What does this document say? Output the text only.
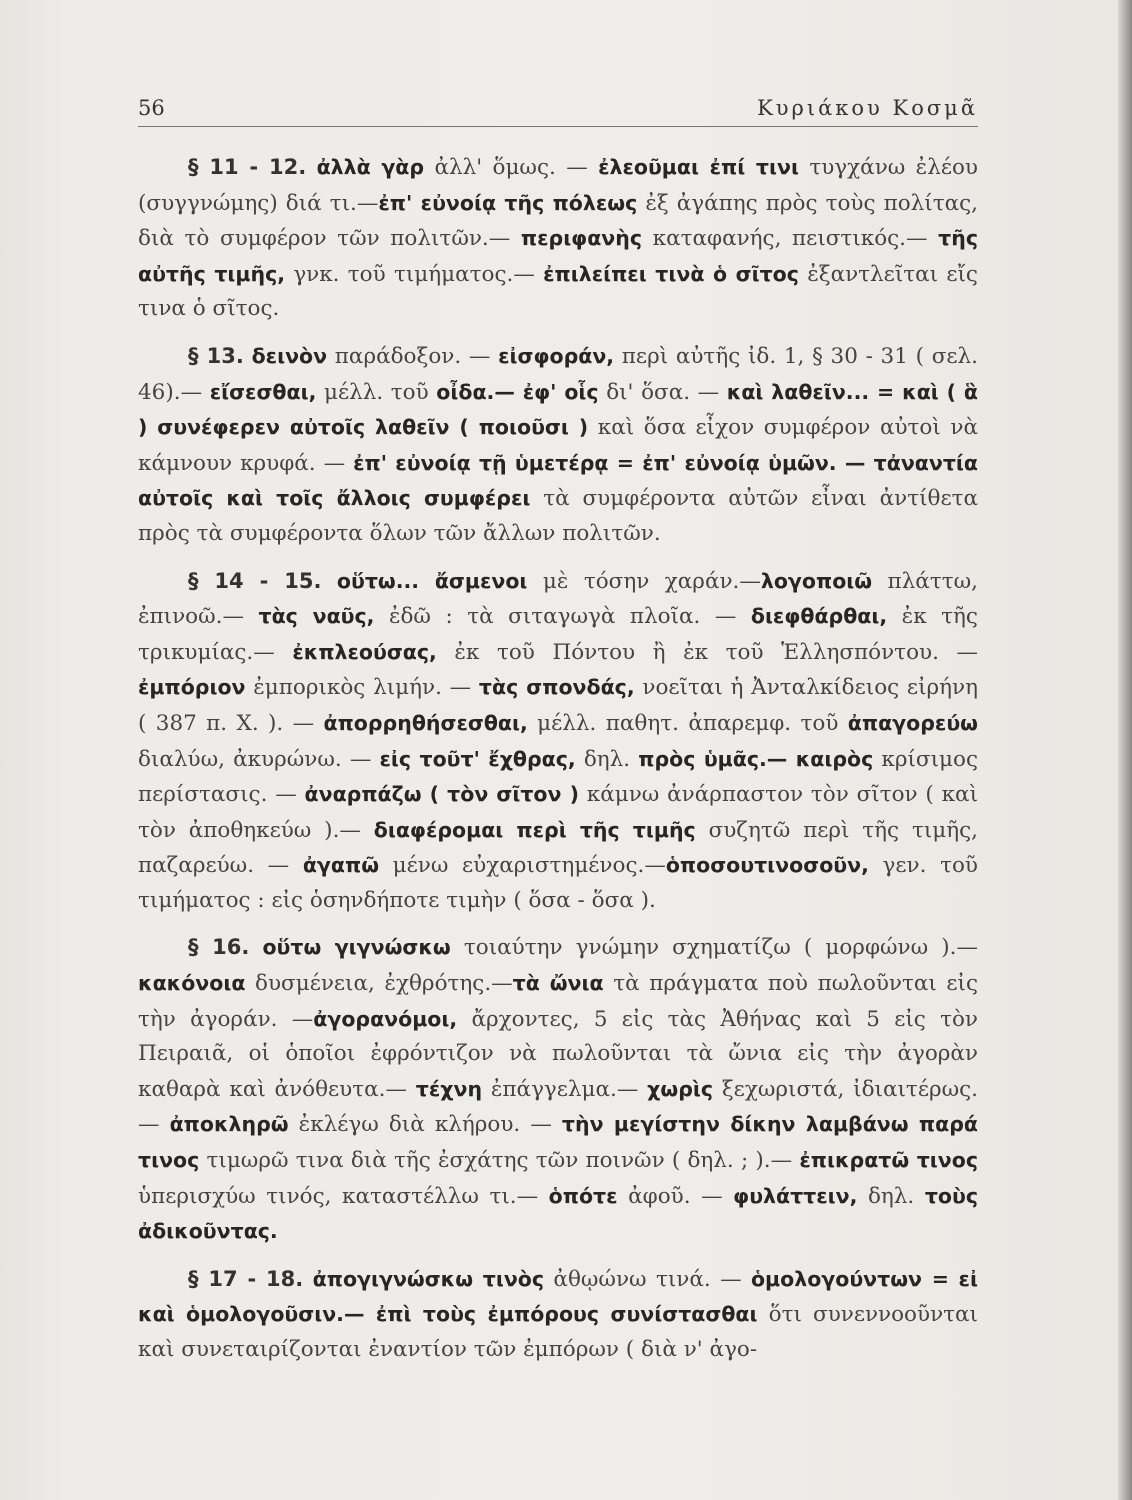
56	Κυριάκου Κοσμᾶ

§ 11 - 12. ἀλλὰ γὰρ ἀλλ' ὅμως. — ἐλεοῦμαι ἐπί τινι τυγχάνω ἐλέου (συγγνώμης) διά τι.—ἐπ' εὐνοίᾳ τῆς πόλεως ἐξ ἀγάπης πρὸς τοὺς πολίτας, διὰ τὸ συμφέρον τῶν πολιτῶν.— περιφανὴς καταφανής, πειστικός.— τῆς αὐτῆς τιμῆς, γνκ. τοῦ τιμήματος.— ἐπιλείπει τινὰ ὁ σῖτος ἐξαντλεῖται εἴς τινα ὁ σῖτος.

§ 13. δεινὸν παράδοξον. — εἰσφοράν, περὶ αὐτῆς ἰδ. 1, § 30 - 31 ( σελ. 46).— εἴσεσθαι, μέλλ. τοῦ οἶδα.— ἐφ' οἷς δι' ὅσα. — καὶ λαθεῖν... = καὶ ( ἃ ) συνέφερεν αὐτοῖς λαθεῖν ( ποιοῦσι ) καὶ ὅσα εἶχον συμφέρον αὐτοὶ νὰ κάμνουν κρυφά. — ἐπ' εὐνοίᾳ τῇ ὑμετέρᾳ = ἐπ' εὐνοίᾳ ὑμῶν. — τἀναντία αὐτοῖς καὶ τοῖς ἄλλοις συμφέρει τὰ συμφέροντα αὐτῶν εἶναι ἀντίθετα πρὸς τὰ συμφέροντα ὅλων τῶν ἄλλων πολιτῶν.

§ 14 - 15. οὕτω... ἄσμενοι μὲ τόσην χαράν.—λογοποιῶ πλάττω, ἐπινοῶ.— τὰς ναῦς, ἐδῶ : τὰ σιταγωγὰ πλοῖα. — διεφθάρθαι, ἐκ τῆς τρικυμίας.— ἐκπλεούσας, ἐκ τοῦ Πόντου ἢ ἐκ τοῦ Ἑλλησπόντου. — ἐμπόριον ἐμπορικὸς λιμήν. — τὰς σπονδάς, νοεῖται ἡ Ἀνταλκίδειος εἰρήνη ( 387 π. Χ. ). — ἀπορρηθήσεσθαι, μέλλ. παθητ. ἀπαρεμφ. τοῦ ἀπαγορεύω διαλύω, ἀκυρώνω. — εἰς τοῦτ' ἔχθρας, δηλ. πρὸς ὑμᾶς.— καιρὸς κρίσιμος περίστασις. — ἀναρπάζω ( τὸν σῖτον ) κάμνω ἀνάρπαστον τὸν σῖτον ( καὶ τὸν ἀποθηκεύω ).— διαφέρομαι περὶ τῆς τιμῆς συζητῶ περὶ τῆς τιμῆς, παζαρεύω. — ἀγαπῶ μένω εὐχαριστημένος.—ὁποσουτινοσοῦν, γεν. τοῦ τιμήματος : εἰς ὁσηνδήποτε τιμὴν ( ὅσα - ὅσα ).

§ 16. οὕτω γιγνώσκω τοιαύτην γνώμην σχηματίζω ( μορφώνω ).— κακόνοια δυσμένεια, ἐχθρότης.—τὰ ὤνια τὰ πράγματα ποὺ πωλοῦνται εἰς τὴν ἀγοράν. —ἀγορανόμοι, ἄρχοντες, 5 εἰς τὰς Ἀθήνας καὶ 5 εἰς τὸν Πειραιᾶ, οἱ ὁποῖοι ἐφρόντιζον νὰ πωλοῦνται τὰ ὤνια εἰς τὴν ἀγορὰν καθαρὰ καὶ ἀνόθευτα.— τέχνη ἐπάγγελμα.— χωρὶς ξεχωριστά, ἰδιαιτέρως. — ἀποκληρῶ ἐκλέγω διὰ κλήρου. — τὴν μεγίστην δίκην λαμβάνω παρά τινος τιμωρῶ τινα διὰ τῆς ἐσχάτης τῶν ποινῶν ( δηλ. ; ).— ἐπικρατῶ τινος ὑπερισχύω τινός, καταστέλλω τι.— ὁπότε ἀφοῦ. — φυλάττειν, δηλ. τοὺς ἀδικοῦντας.

§ 17 - 18. ἀπογιγνώσκω τινὸς ἀθῳώνω τινά. — ὁμολογούντων = εἰ καὶ ὁμολογοῦσιν.— ἐπὶ τοὺς ἐμπόρους συνίστασθαι ὅτι συνεννοοῦνται καὶ συνεταιρίζονται ἐναντίον τῶν ἐμπόρων ( διὰ ν' ἀγο-
